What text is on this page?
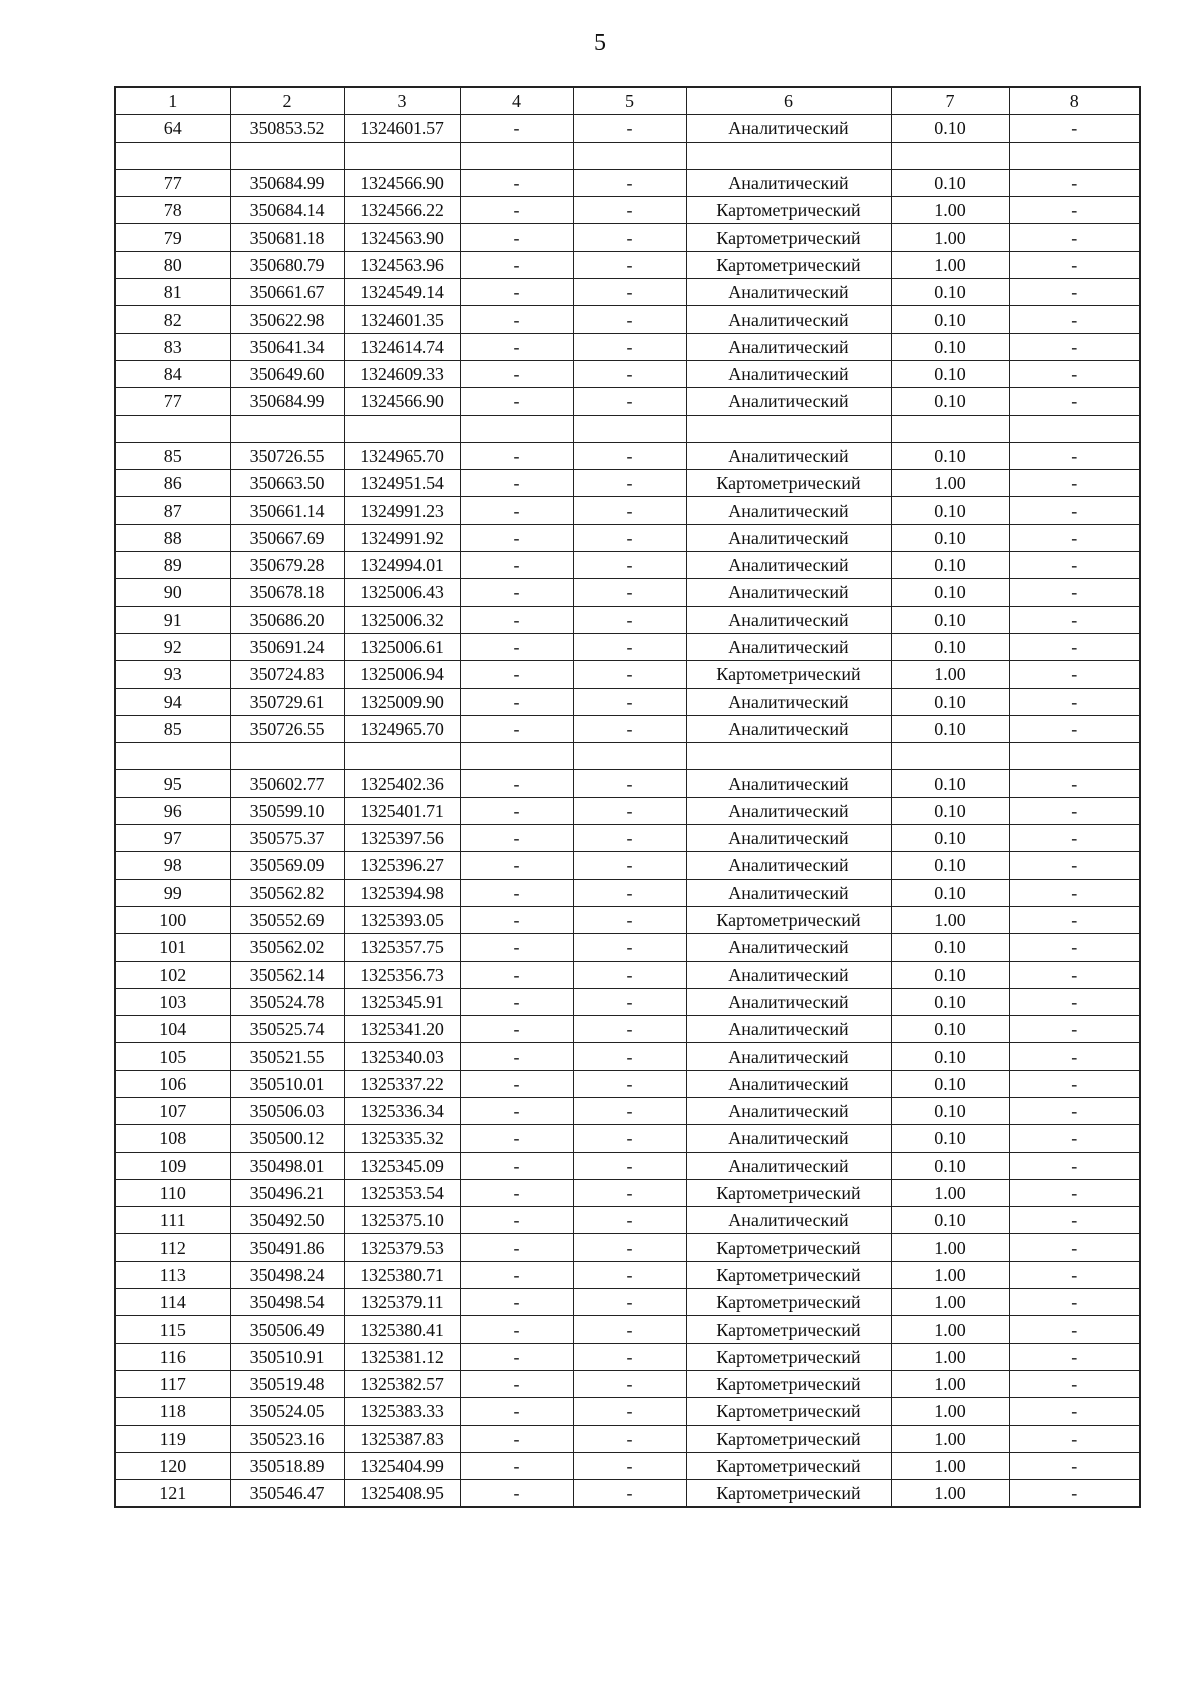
5
1	2	3	4	5	6	7	8
64	350853.52	1324601.57	-	-	Аналитический	0.10	-

77	350684.99	1324566.90	-	-	Аналитический	0.10	-
78	350684.14	1324566.22	-	-	Картометрический	1.00	-
79	350681.18	1324563.90	-	-	Картометрический	1.00	-
80	350680.79	1324563.96	-	-	Картометрический	1.00	-
81	350661.67	1324549.14	-	-	Аналитический	0.10	-
82	350622.98	1324601.35	-	-	Аналитический	0.10	-
83	350641.34	1324614.74	-	-	Аналитический	0.10	-
84	350649.60	1324609.33	-	-	Аналитический	0.10	-
77	350684.99	1324566.90	-	-	Аналитический	0.10	-

85	350726.55	1324965.70	-	-	Аналитический	0.10	-
86	350663.50	1324951.54	-	-	Картометрический	1.00	-
87	350661.14	1324991.23	-	-	Аналитический	0.10	-
88	350667.69	1324991.92	-	-	Аналитический	0.10	-
89	350679.28	1324994.01	-	-	Аналитический	0.10	-
90	350678.18	1325006.43	-	-	Аналитический	0.10	-
91	350686.20	1325006.32	-	-	Аналитический	0.10	-
92	350691.24	1325006.61	-	-	Аналитический	0.10	-
93	350724.83	1325006.94	-	-	Картометрический	1.00	-
94	350729.61	1325009.90	-	-	Аналитический	0.10	-
85	350726.55	1324965.70	-	-	Аналитический	0.10	-

95	350602.77	1325402.36	-	-	Аналитический	0.10	-
96	350599.10	1325401.71	-	-	Аналитический	0.10	-
97	350575.37	1325397.56	-	-	Аналитический	0.10	-
98	350569.09	1325396.27	-	-	Аналитический	0.10	-
99	350562.82	1325394.98	-	-	Аналитический	0.10	-
100	350552.69	1325393.05	-	-	Картометрический	1.00	-
101	350562.02	1325357.75	-	-	Аналитический	0.10	-
102	350562.14	1325356.73	-	-	Аналитический	0.10	-
103	350524.78	1325345.91	-	-	Аналитический	0.10	-
104	350525.74	1325341.20	-	-	Аналитический	0.10	-
105	350521.55	1325340.03	-	-	Аналитический	0.10	-
106	350510.01	1325337.22	-	-	Аналитический	0.10	-
107	350506.03	1325336.34	-	-	Аналитический	0.10	-
108	350500.12	1325335.32	-	-	Аналитический	0.10	-
109	350498.01	1325345.09	-	-	Аналитический	0.10	-
110	350496.21	1325353.54	-	-	Картометрический	1.00	-
111	350492.50	1325375.10	-	-	Аналитический	0.10	-
112	350491.86	1325379.53	-	-	Картометрический	1.00	-
113	350498.24	1325380.71	-	-	Картометрический	1.00	-
114	350498.54	1325379.11	-	-	Картометрический	1.00	-
115	350506.49	1325380.41	-	-	Картометрический	1.00	-
116	350510.91	1325381.12	-	-	Картометрический	1.00	-
117	350519.48	1325382.57	-	-	Картометрический	1.00	-
118	350524.05	1325383.33	-	-	Картометрический	1.00	-
119	350523.16	1325387.83	-	-	Картометрический	1.00	-
120	350518.89	1325404.99	-	-	Картометрический	1.00	-
121	350546.47	1325408.95	-	-	Картометрический	1.00	-
